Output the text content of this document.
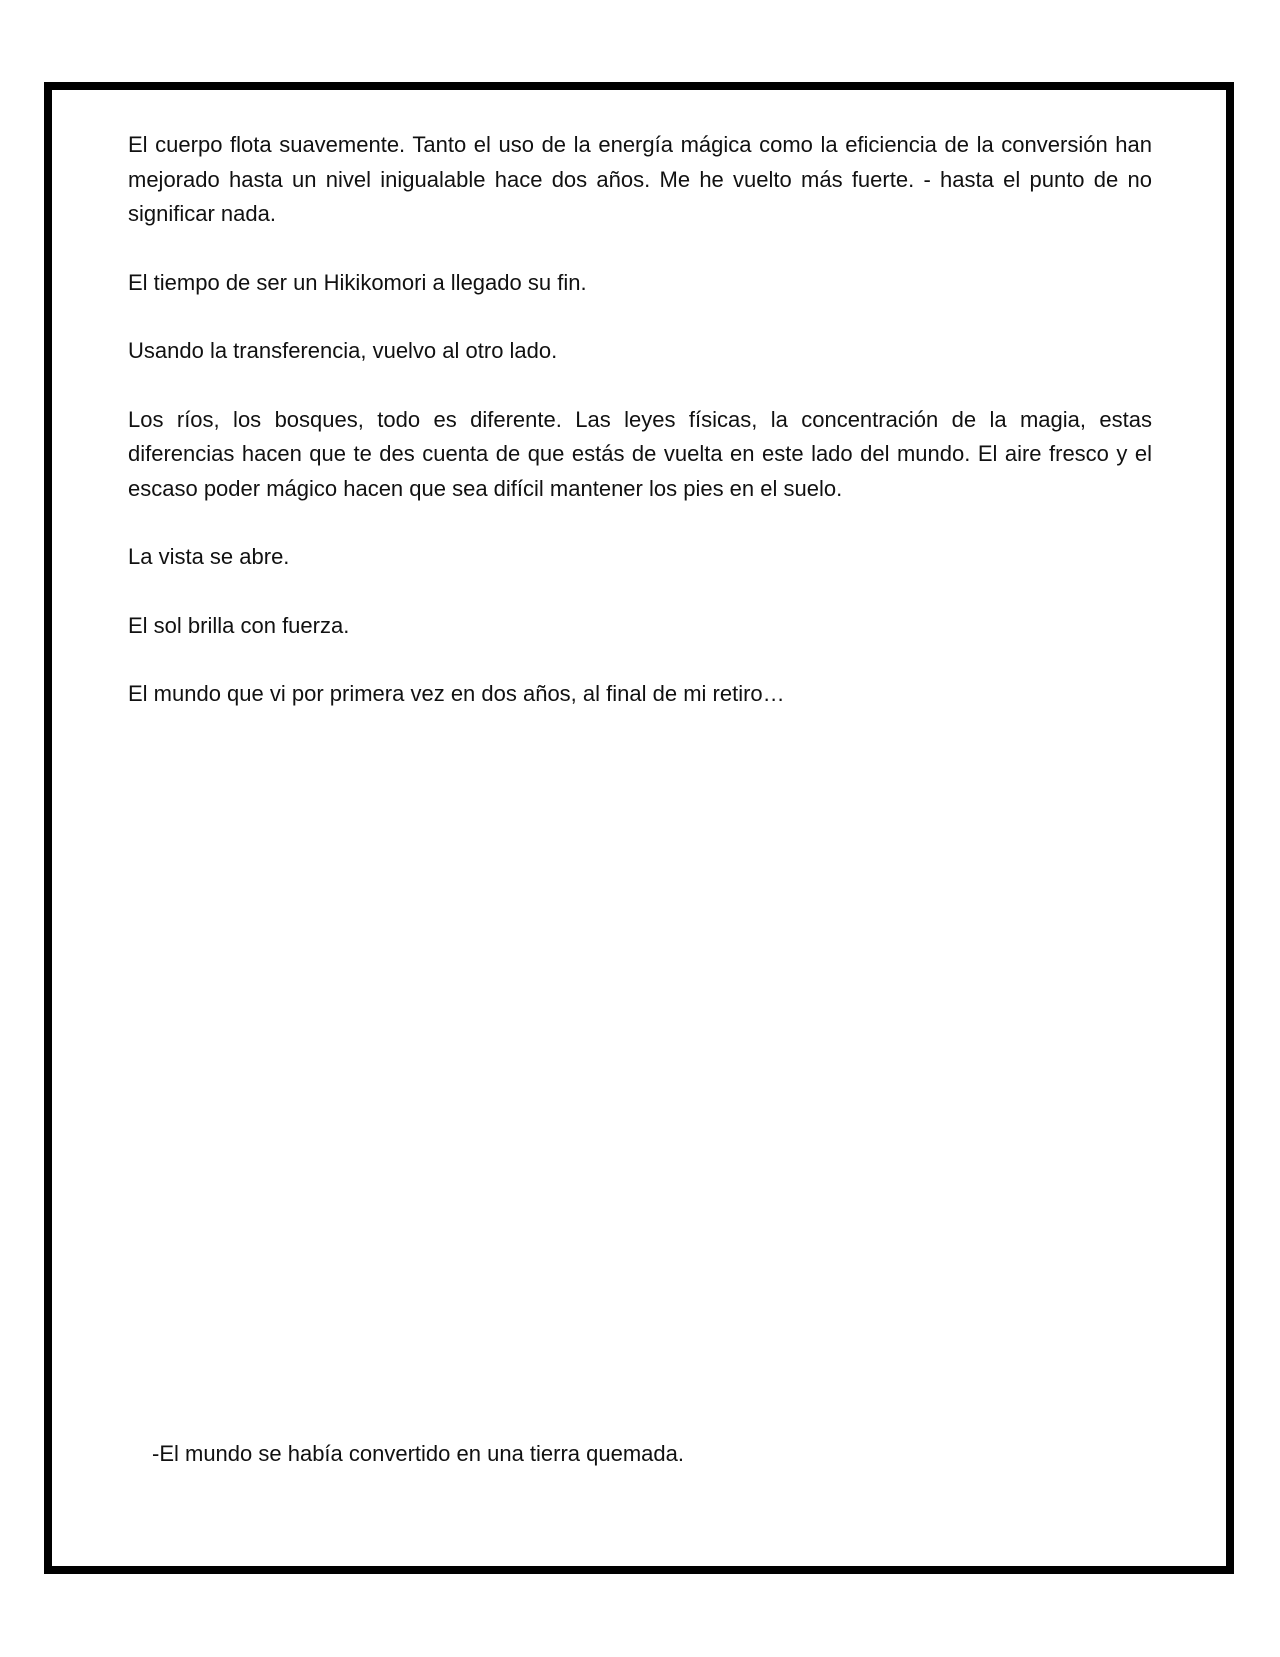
El cuerpo flota suavemente. Tanto el uso de la energía mágica como la eficiencia de la conversión han mejorado hasta un nivel inigualable hace dos años. Me he vuelto más fuerte. - hasta el punto de no significar nada.

El tiempo de ser un Hikikomori a llegado su fin.

Usando la transferencia, vuelvo al otro lado.

Los ríos, los bosques, todo es diferente. Las leyes físicas, la concentración de la magia, estas diferencias hacen que te des cuenta de que estás de vuelta en este lado del mundo. El aire fresco y el escaso poder mágico hacen que sea difícil mantener los pies en el suelo.

La vista se abre.

El sol brilla con fuerza.

El mundo que vi por primera vez en dos años, al final de mi retiro…

-El mundo se había convertido en una tierra quemada.
